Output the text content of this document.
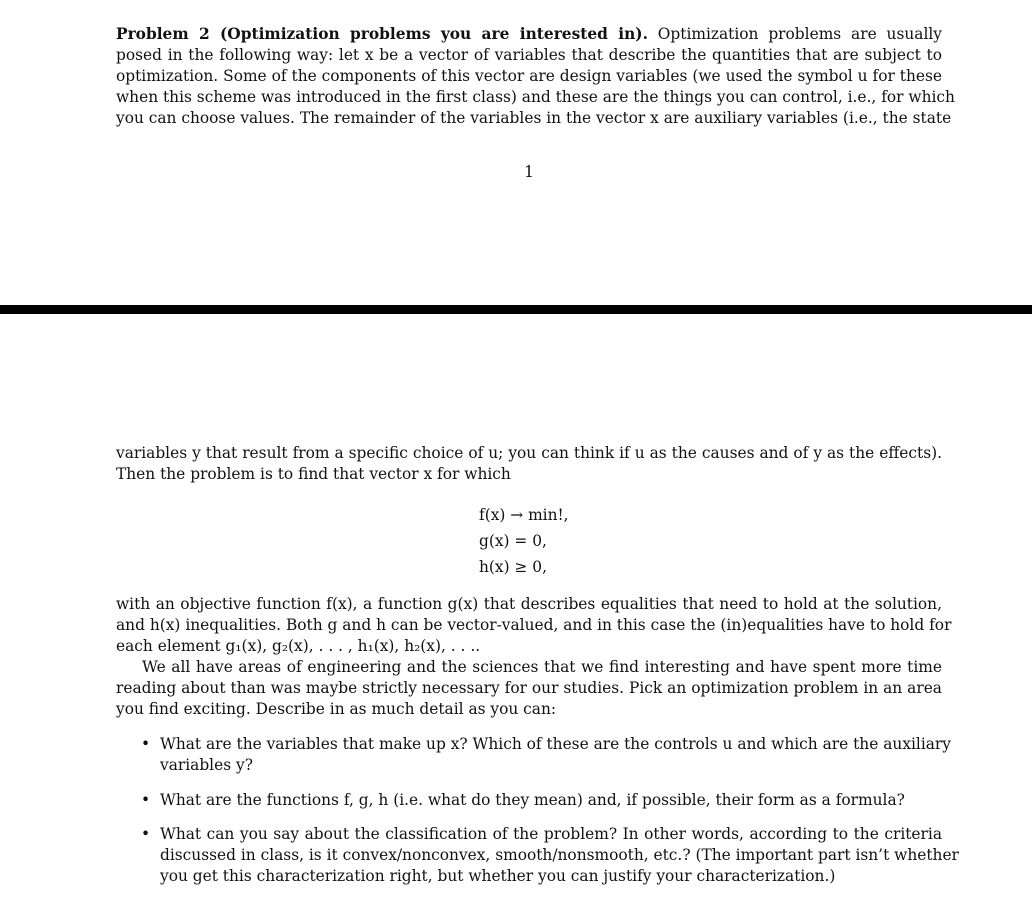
Problem 2 (Optimization problems you are interested in). Optimization problems are usually
posed in the following way: let x be a vector of variables that describe the quantities that are subject to
optimization. Some of the components of this vector are design variables (we used the symbol u for these
when this scheme was introduced in the first class) and these are the things you can control, i.e., for which
you can choose values. The remainder of the variables in the vector x are auxiliary variables (i.e., the state
1
variables y that result from a specific choice of u; you can think if u as the causes and of y as the effects).
Then the problem is to find that vector x for which
f(x) → min!,
g(x) = 0,
h(x) ≥ 0,
with an objective function f(x), a function g(x) that describes equalities that need to hold at the solution,
and h(x) inequalities. Both g and h can be vector-valued, and in this case the (in)equalities have to hold for
each element g₁(x), g₂(x), . . . , h₁(x), h₂(x), . . ..
We all have areas of engineering and the sciences that we find interesting and have spent more time
reading about than was maybe strictly necessary for our studies. Pick an optimization problem in an area
you find exciting. Describe in as much detail as you can:
• What are the variables that make up x? Which of these are the controls u and which are the auxiliary
variables y?
• What are the functions f, g, h (i.e. what do they mean) and, if possible, their form as a formula?
• What can you say about the classification of the problem? In other words, according to the criteria
discussed in class, is it convex/nonconvex, smooth/nonsmooth, etc.? (The important part isn’t whether
you get this characterization right, but whether you can justify your characterization.)
